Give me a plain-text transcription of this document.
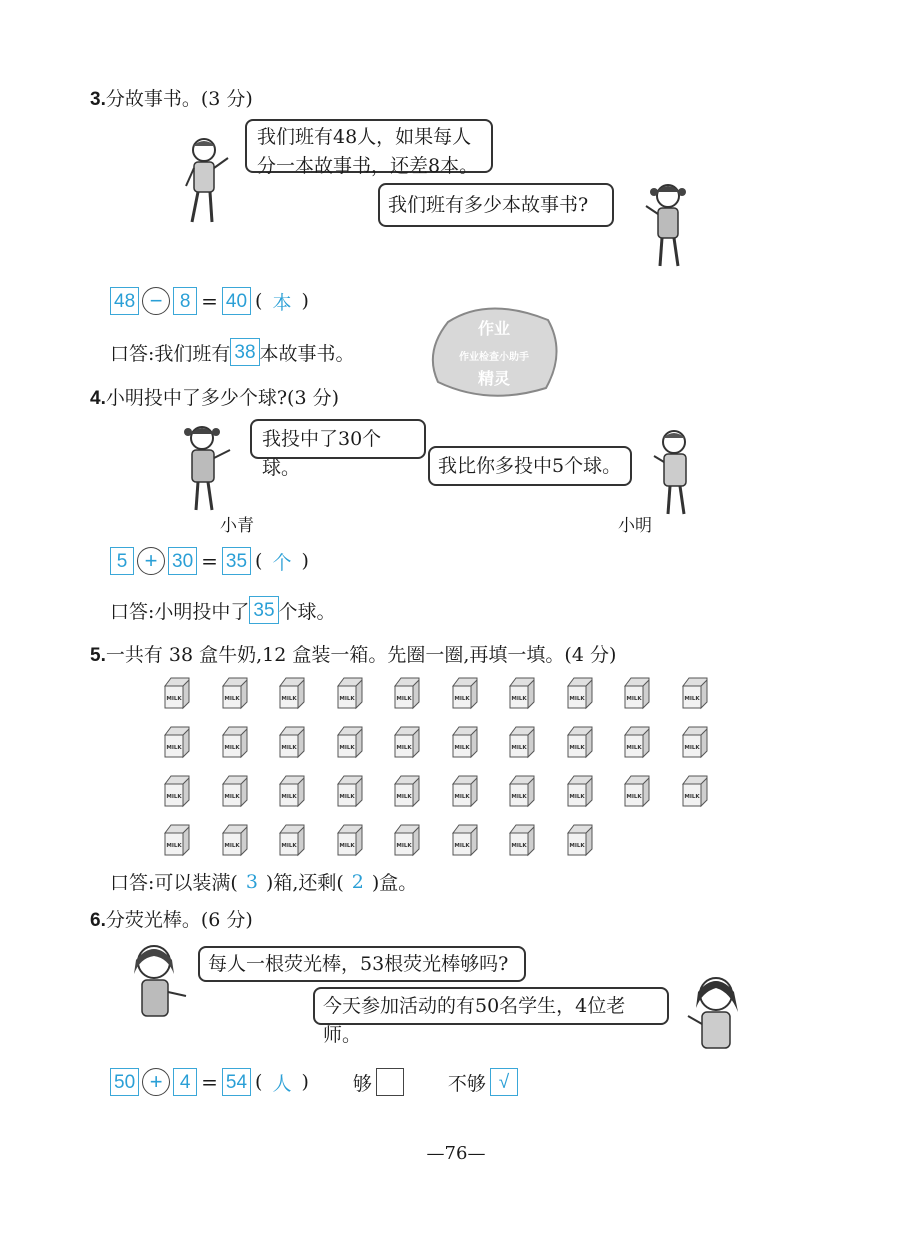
3.分故事书。(3 分)
我们班有48人，如果每人分一本故事书，还差8本。
我们班有多少本故事书?
48 − 8 = 40 ( 本 )
口答:我们班有 38 本故事书。
作业
作业检查小助手
精灵
4.小明投中了多少个球?(3 分)
我投中了30个球。	我比你多投中5个球。
小青	小明
5 + 30 = 35 ( 个 )
口答:小明投中了 35 个球。
5.一共有 38 盒牛奶,12 盒装一箱。先圈一圈,再填一填。(4 分)
MILK	MILK	MILK	MILK	MILK	MILK	MILK	MILK	MILK	MILK
MILK	MILK	MILK	MILK	MILK	MILK	MILK	MILK	MILK	MILK
MILK	MILK	MILK	MILK	MILK	MILK	MILK	MILK	MILK	MILK
MILK	MILK	MILK	MILK	MILK	MILK	MILK	MILK
口答:可以装满( 3 )箱,还剩( 2 )盒。
6.分荧光棒。(6 分)
每人一根荧光棒，53根荧光棒够吗?
今天参加活动的有50名学生，4位老师。
50 + 4 = 54 ( 人 ) 够	不够 √
—76—
